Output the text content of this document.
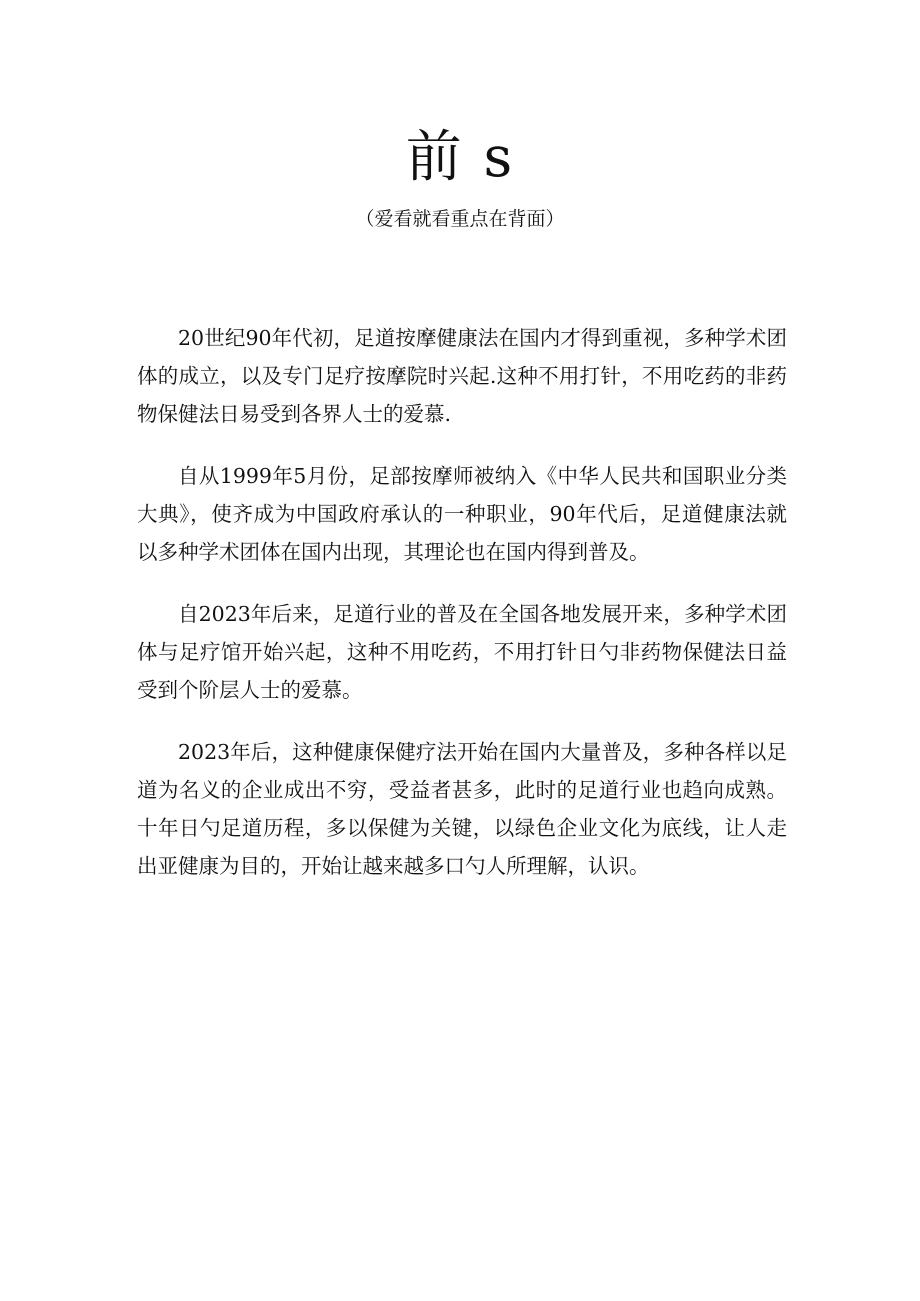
前 s

（爱看就看重点在背面）

20世纪90年代初，足道按摩健康法在国内才得到重视，多种学术团体的成立，以及专门足疗按摩院时兴起.这种不用打针，不用吃药的非药物保健法日易受到各界人士的爱慕.

自从1999年5月份，足部按摩师被纳入《中华人民共和国职业分类大典》，使齐成为中国政府承认的一种职业，90年代后，足道健康法就以多种学术团体在国内出现，其理论也在国内得到普及。

自2023年后来，足道行业的普及在全国各地发展开来，多种学术团体与足疗馆开始兴起，这种不用吃药，不用打针日勺非药物保健法日益受到个阶层人士的爱慕。

2023年后，这种健康保健疗法开始在国内大量普及，多种各样以足道为名义的企业成出不穷，受益者甚多，此时的足道行业也趋向成熟。十年日勺足道历程，多以保健为关键，以绿色企业文化为底线，让人走出亚健康为目的，开始让越来越多口勺人所理解，认识。
